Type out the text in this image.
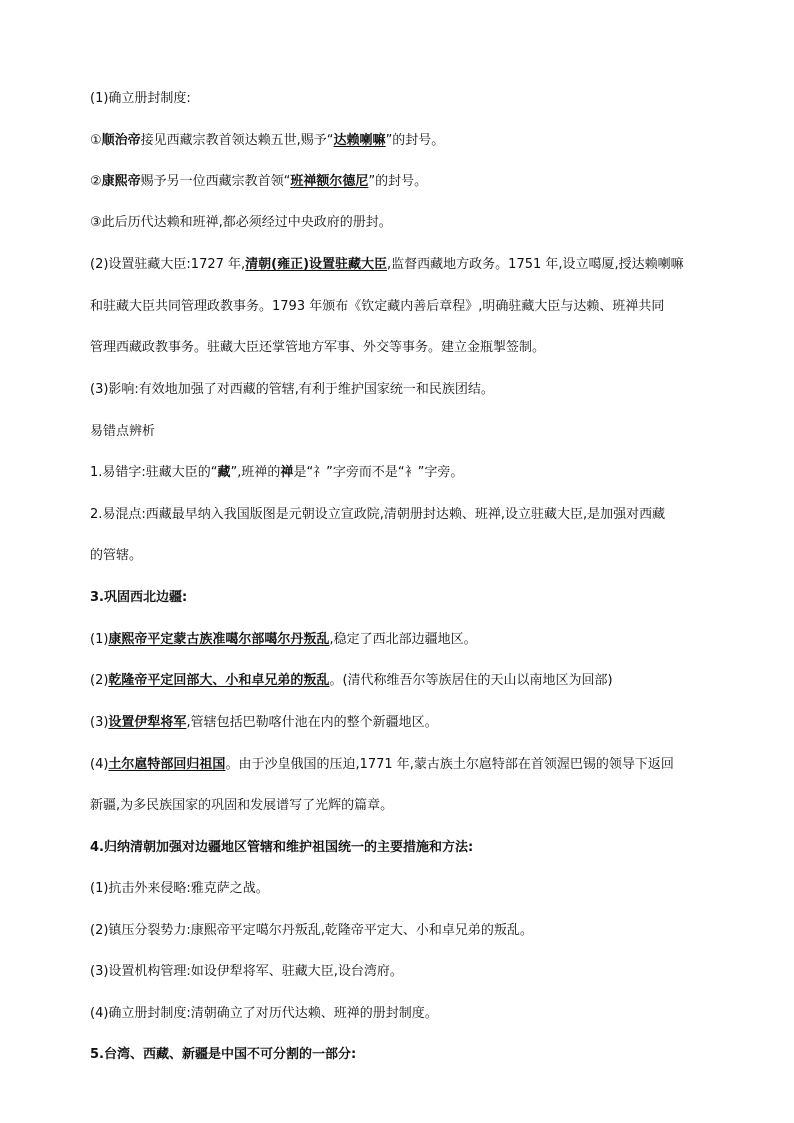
(1)确立册封制度:
①顺治帝接见西藏宗教首领达赖五世,赐予“达赖喇嘛”的封号。
②康熙帝赐予另一位西藏宗教首领“班禅额尔德尼”的封号。
③此后历代达赖和班禅,都必须经过中央政府的册封。
(2)设置驻藏大臣:1727 年,清朝(雍正)设置驻藏大臣,监督西藏地方政务。1751 年,设立噶厦,授达赖喇嘛
和驻藏大臣共同管理政教事务。1793 年颁布《钦定藏内善后章程》,明确驻藏大臣与达赖、班禅共同
管理西藏政教事务。驻藏大臣还掌管地方军事、外交等事务。建立金瓶掣签制。
(3)影响:有效地加强了对西藏的管辖,有利于维护国家统一和民族团结。
易错点辨析
1.易错字:驻藏大臣的“藏”,班禅的禅是“礻”字旁而不是“衤”字旁。
2.易混点:西藏最早纳入我国版图是元朝设立宣政院,清朝册封达赖、班禅,设立驻藏大臣,是加强对西藏
的管辖。
3.巩固西北边疆:
(1)康熙帝平定蒙古族准噶尔部噶尔丹叛乱,稳定了西北部边疆地区。
(2)乾隆帝平定回部大、小和卓兄弟的叛乱。(清代称维吾尔等族居住的天山以南地区为回部)
(3)设置伊犁将军,管辖包括巴勒喀什池在内的整个新疆地区。
(4)土尔扈特部回归祖国。由于沙皇俄国的压迫,1771 年,蒙古族土尔扈特部在首领渥巴锡的领导下返回
新疆,为多民族国家的巩固和发展谱写了光辉的篇章。
4.归纳清朝加强对边疆地区管辖和维护祖国统一的主要措施和方法:
(1)抗击外来侵略:雅克萨之战。
(2)镇压分裂势力:康熙帝平定噶尔丹叛乱,乾隆帝平定大、小和卓兄弟的叛乱。
(3)设置机构管理:如设伊犁将军、驻藏大臣,设台湾府。
(4)确立册封制度:清朝确立了对历代达赖、班禅的册封制度。
5.台湾、西藏、新疆是中国不可分割的一部分:
